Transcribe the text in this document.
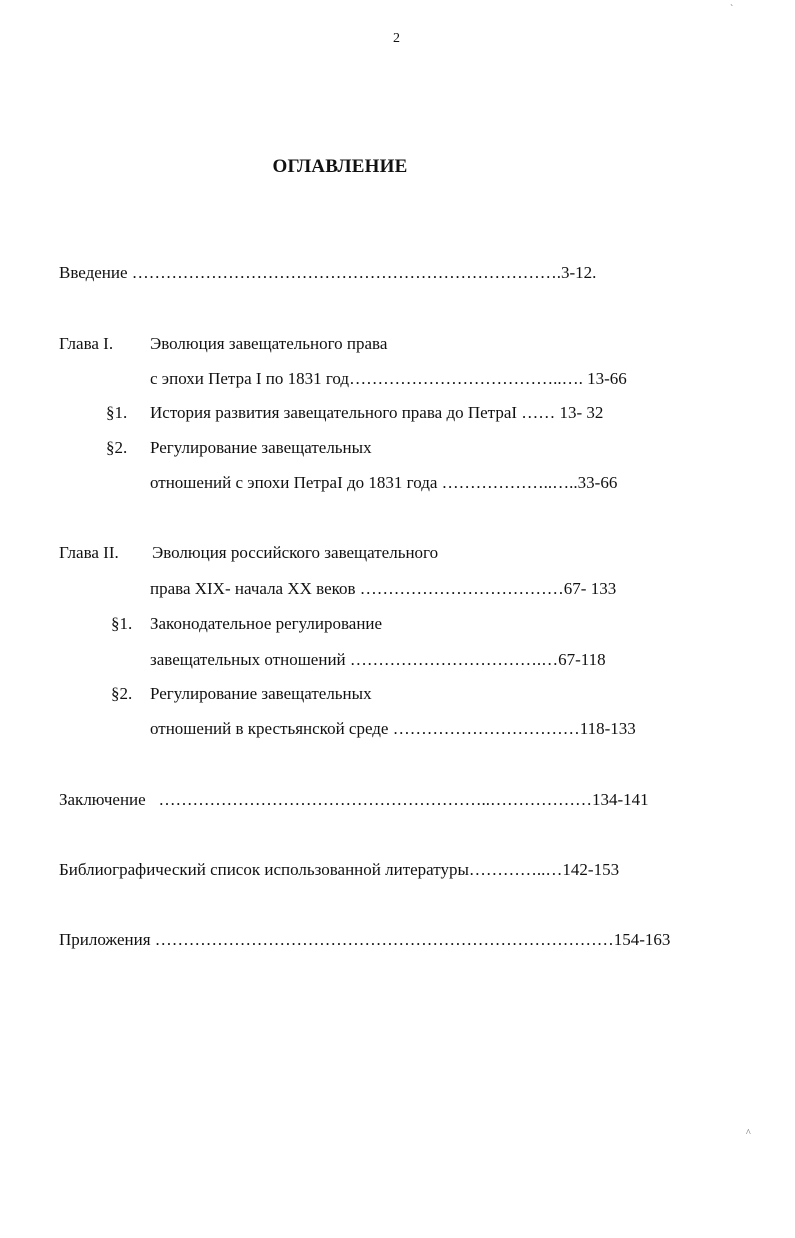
2
ОГЛАВЛЕНИЕ
Введение ………………………………………………………………….3-12.
Глава I. Эволюция завещательного права
с эпохи Петра I по 1831 год………………………………..…. 13-66
§1. История развития завещательного права до ПетраI …… 13- 32
§2. Регулирование завещательных
отношений с эпохи ПетраI до 1831 года ………………..…..33-66
Глава II. Эволюция российского завещательного
права XIX- начала XX веков ………………………………67- 133
§1. Законодательное регулирование
завещательных отношений …………………………….…67-118
§2. Регулирование завещательных
отношений в крестьянской среде ……………………………118-133
Заключение   …………………………………………………..………………134-141
Библиографический список использованной литературы…………..…142-153
Приложения ………………………………………………………………………154-163
`
^
